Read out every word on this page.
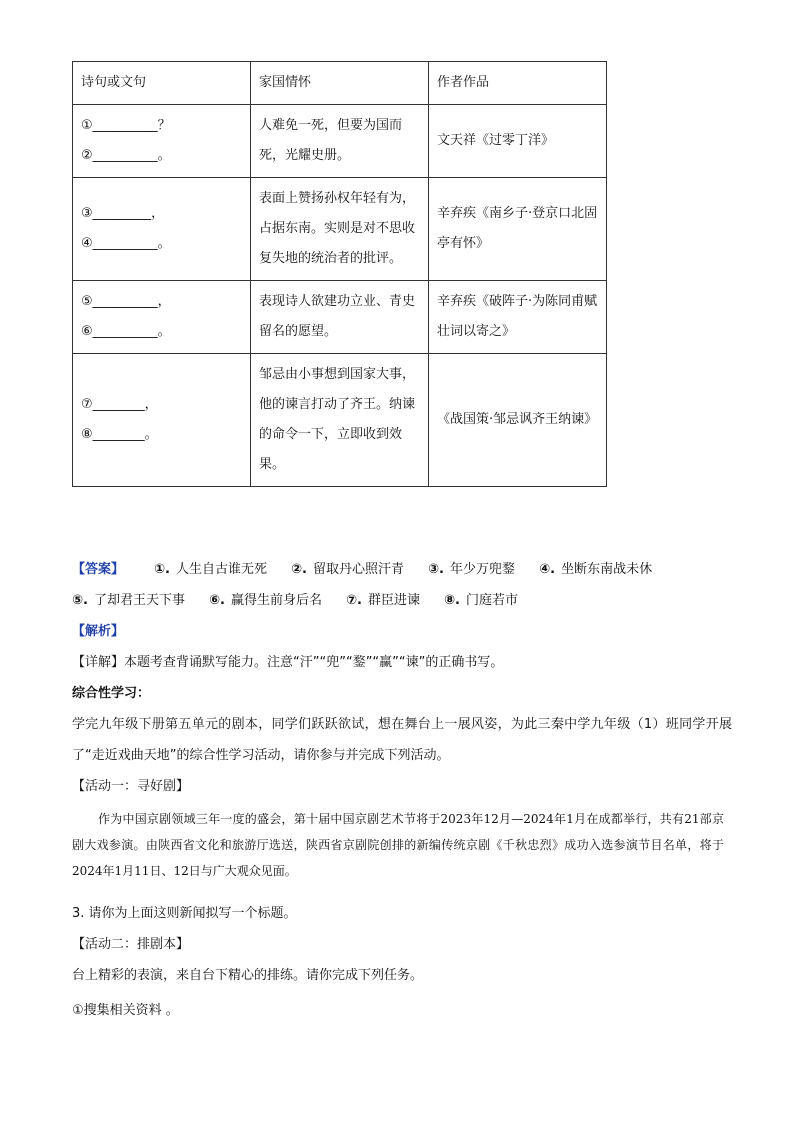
诗句或文句	家国情怀	作者作品

①__________？
②__________。	人难免一死，但要为国而死，光耀史册。	文天祥《过零丁洋》

③_________，
④__________。	表面上赞扬孙权年轻有为，占据东南。实则是对不思收复失地的统治者的批评。	辛弃疾《南乡子·登京口北固亭有怀》

⑤__________，
⑥__________。	表现诗人欲建功立业、青史留名的愿望。	辛弃疾《破阵子·为陈同甫赋壮词以寄之》

⑦________，
⑧________。	邹忌由小事想到国家大事，他的谏言打动了齐王。纳谏的命令一下，立即收到效果。	《战国策·邹忌讽齐王纳谏》
【答案】 ①. 人生自古谁无死 ②. 留取丹心照汗青 ③. 年少万兜鍪 ④. 坐断东南战未休
⑤. 了却君王天下事 ⑥. 赢得生前身后名 ⑦. 群臣进谏 ⑧. 门庭若市
【解析】
【详解】本题考查背诵默写能力。注意“汗”“兜”“鍪”“赢”“谏”的正确书写。
综合性学习：
学完九年级下册第五单元的剧本，同学们跃跃欲试，想在舞台上一展风姿，为此三秦中学九年级（1）班同学开展了“走近戏曲天地”的综合性学习活动，请你参与并完成下列活动。
【活动一：寻好剧】
作为中国京剧领域三年一度的盛会，第十届中国京剧艺术节将于2023年12月—2024年1月在成都举行，共有21部京剧大戏参演。由陕西省文化和旅游厅选送，陕西省京剧院创排的新编传统京剧《千秋忠烈》成功入选参演节目名单，将于2024年1月11日、12日与广大观众见面。
3. 请你为上面这则新闻拟写一个标题。
【活动二：排剧本】
台上精彩的表演，来自台下精心的排练。请你完成下列任务。
①搜集相关资料 。
